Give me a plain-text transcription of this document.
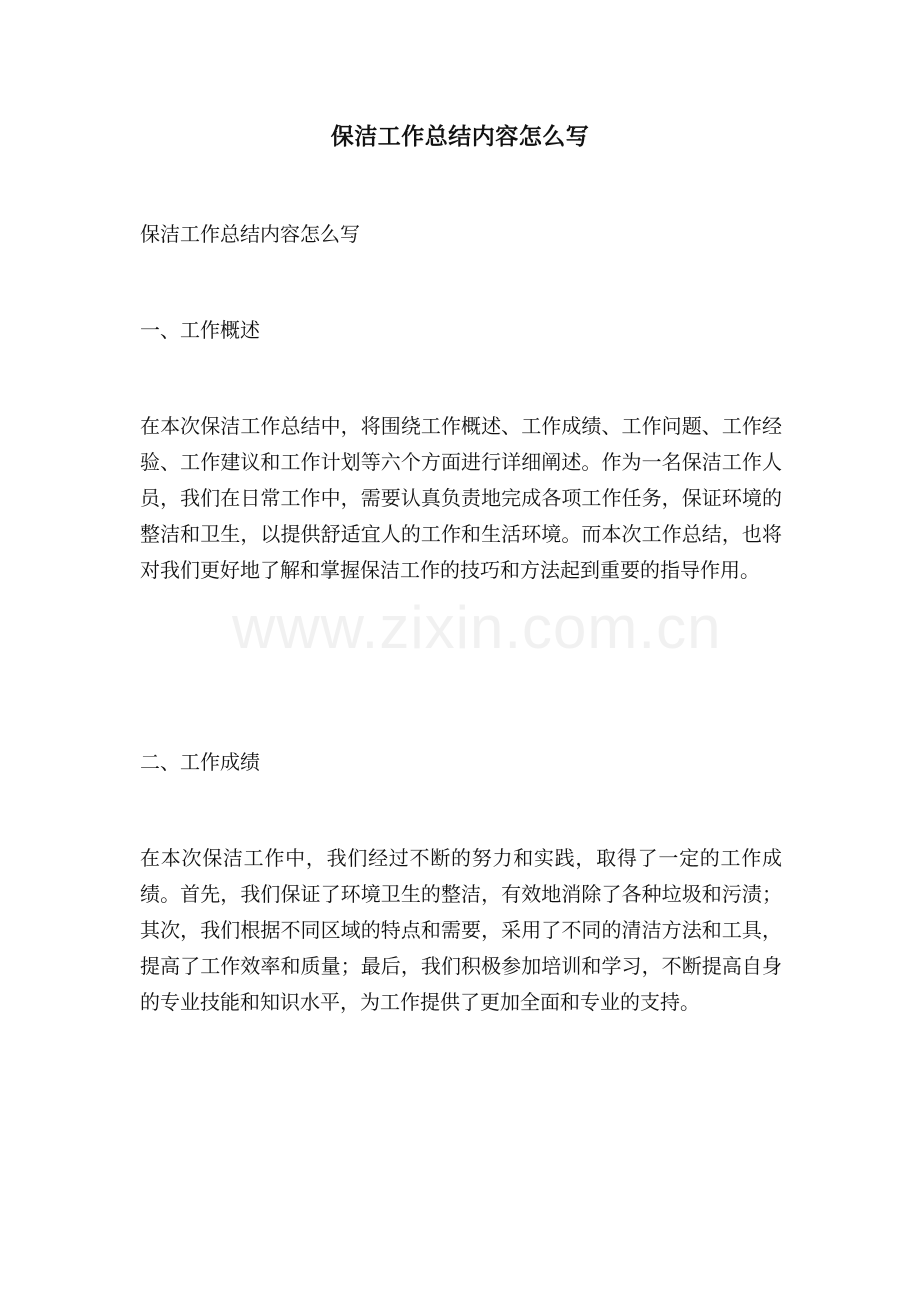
www.zixin.com.cn
保洁工作总结内容怎么写

保洁工作总结内容怎么写

一、工作概述

在本次保洁工作总结中，将围绕工作概述、工作成绩、工作问题、工作经验、工作建议和工作计划等六个方面进行详细阐述。作为一名保洁工作人员，我们在日常工作中，需要认真负责地完成各项工作任务，保证环境的整洁和卫生，以提供舒适宜人的工作和生活环境。而本次工作总结，也将对我们更好地了解和掌握保洁工作的技巧和方法起到重要的指导作用。

二、工作成绩

在本次保洁工作中，我们经过不断的努力和实践，取得了一定的工作成绩。首先，我们保证了环境卫生的整洁，有效地消除了各种垃圾和污渍；其次，我们根据不同区域的特点和需要，采用了不同的清洁方法和工具，提高了工作效率和质量；最后，我们积极参加培训和学习，不断提高自身的专业技能和知识水平，为工作提供了更加全面和专业的支持。
